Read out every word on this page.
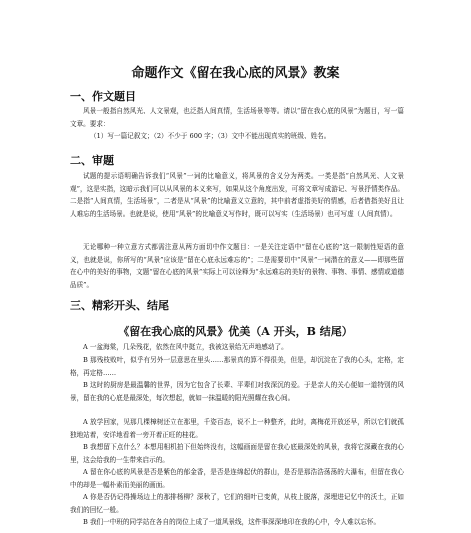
命题作文《留在我心底的风景》教案
一、作文题目
风景一般指自然风光、人文景观，也泛指人间真情，生活场景等等。请以“留在我心底的风景”为题目，写一篇文章。要求：
（1）写一篇记叙文；（2）不少于 600 字；（3）文中不能出现真实的班级、姓名。
二、审题
试题的提示语明确告诉我们“风景”一词的比喻意义，将风景的含义分为两类。一类是指“自然风光、人文景观”，这是实指，这暗示我们可以从风景的本义来写，如果从这个角度出发，可将文章写成游记、写景抒情类作品。二是指“人间真情，生活场景”，二者是从“风景”的比喻意义立意的，其中前者虚指美好的情感，后者借指美好且让人难忘的生活场景。也就是说，使用“风景”的比喻意义写作时，既可以写实（生活场景）也可写虚（人间真情）。
无论哪种一种立意方式都需注意从两方面切中作文题目：一是关注定语中“留在心底的”这一限制性短语的意义，也就是说，你所写的“风景”应该是“留在心底永远难忘的”；二是需要切中“风景”一词潜在的意义——即那些留在心中的美好的事物，文题“留在心底的风景”实际上可以诠释为“永远难忘的美好的景物、事物、事情、感情或道德品质”。
三、精彩开头、结尾
《留在我心底的风景》优美（A 开头，B 结尾）
A 一盆海棠，几朵残花，依然在风中挺立，我被这景给无声地感动了。
B 那残枝败叶，似乎有另外一层意思在里头……那景真的算不得很美，但是，却沉淀在了我的心头，定格，定格，再定格……
B 这时的厨房是最温馨的世界，因为它包含了长辈、平辈们对我深沉的爱。于是亲人的关心便如一道特别的风景，留在我的心底是最深处，每次想起，就如一抹温暖的阳光照耀在我心间。
A 放学回家，见那几棵樟树还立在那里，千姿百态，说不上一种整齐，此时，离梅花开放还早，所以它们就孤独地站着，安详地看着一旁开着正旺的桂花。
B 我想留下点什么？本想用相机拍下但始终没有，这幅画面是留在我心底最深处的风景，我将它深藏在我的心里，这会给我的一生带来启示的。
A 留在你心底的风景是否是紫色的郁金香，是否是连绵起伏的群山，是否是那浩浩荡荡的大瀑布，但留在我心中的却是一幅朴素而美丽的画面。
A 你是否仍记得操场边上的那排杨柳？深秋了，它们的细叶已变黄，从枝上脱落，深埋进记忆中的沃土，正如我们的回忆一般。
B 我们一中班的同学站在各自的岗位上成了一道风景线，这件事深深地印在我的心中，令人难以忘怀。
